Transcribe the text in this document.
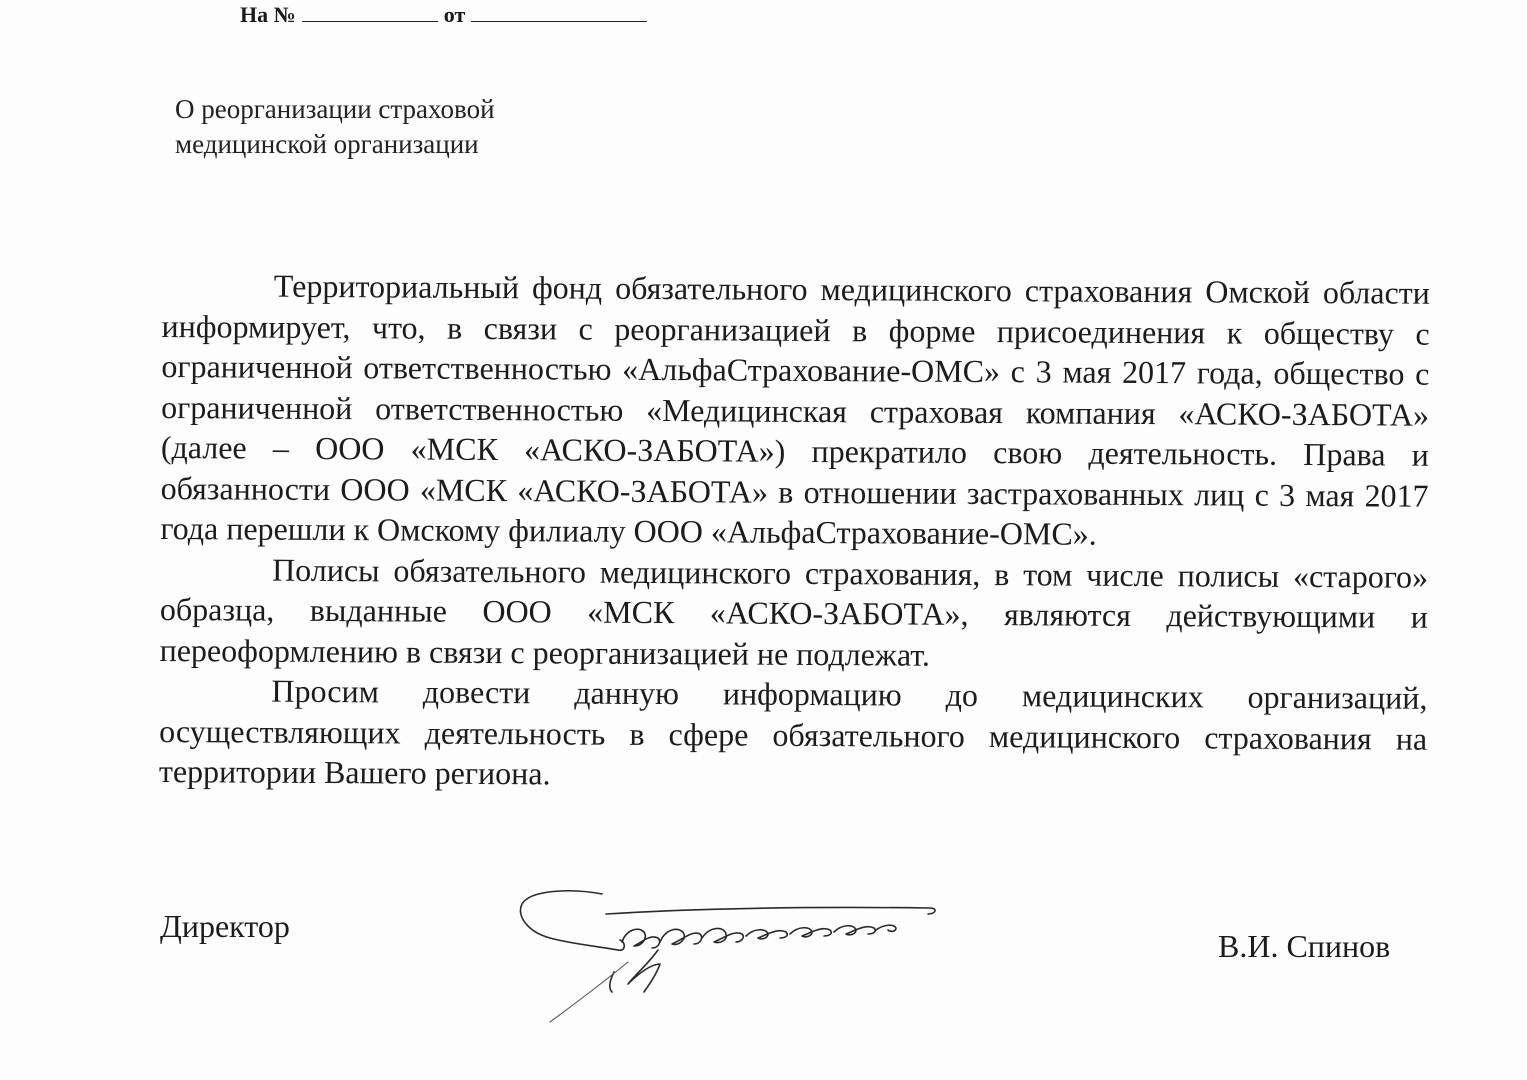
На №	от
О реорганизации страховой
медицинской организации

Территориальный фонд обязательного медицинского страхования Омской области информирует, что, в связи с реорганизацией в форме присоединения к обществу с ограниченной ответственностью «АльфаСтрахование-ОМС» с 3 мая 2017 года, общество с ограниченной ответственностью «Медицинская страховая компания «АСКО-ЗАБОТА» (далее – ООО «МСК «АСКО-ЗАБОТА») прекратило свою деятельность. Права и обязанности ООО «МСК «АСКО-ЗАБОТА» в отношении застрахованных лиц с 3 мая 2017 года перешли к Омскому филиалу ООО «АльфаСтрахование-ОМС».

Полисы обязательного медицинского страхования, в том числе полисы «старого» образца, выданные ООО «МСК «АСКО-ЗАБОТА», являются действующими и переоформлению в связи с реорганизацией не подлежат.

Просим довести данную информацию до медицинских организаций, осуществляющих деятельность в сфере обязательного медицинского страхования на территории Вашего региона.

Директор
В.И. Спинов
